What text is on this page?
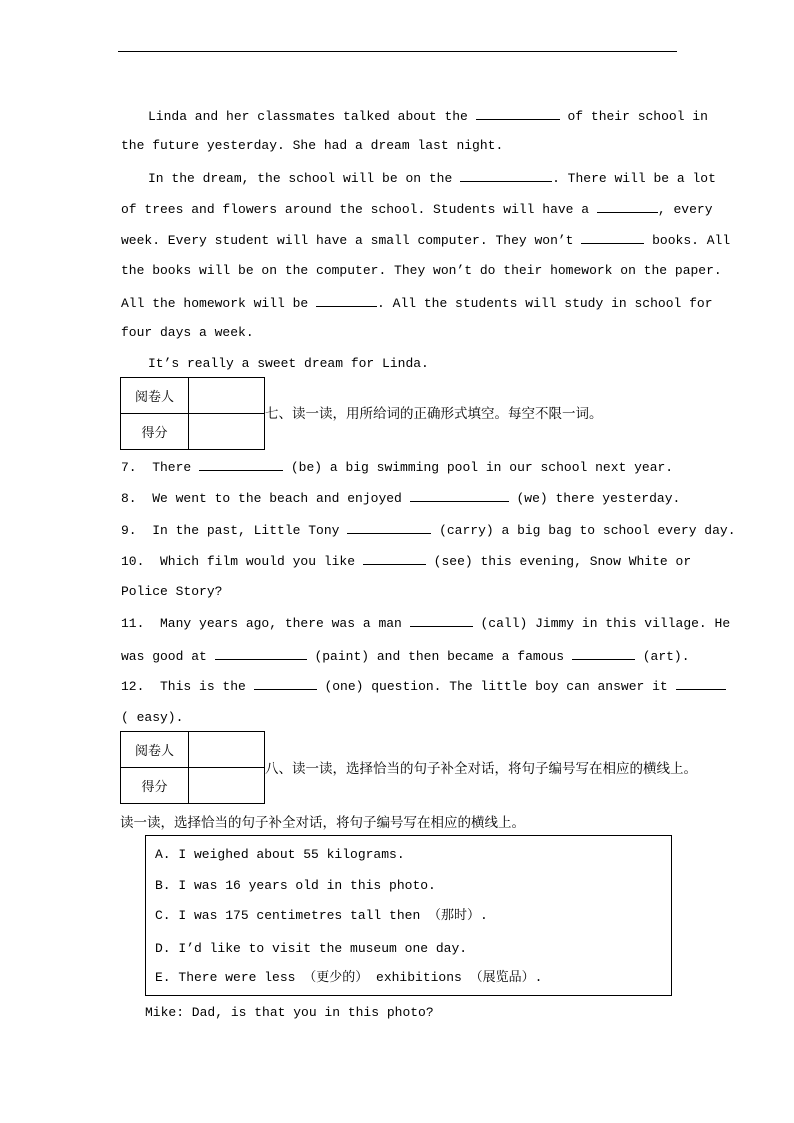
Linda and her classmates talked about the	of their school in
the future yesterday. She had a dream last night.
In the dream, the school will be on the	. There will be a lot
of trees and flowers around the school. Students will have a	, every
week. Every student will have a small computer. They won’t	books. All
the books will be on the computer. They won’t do their homework on the paper.
All the homework will be	. All the students will study in school for
four days a week.
It’s really a sweet dream for Linda.
阅卷人	
得分	
七、读一读，用所给词的正确形式填空。每空不限一词。
7.  There	(be) a big swimming pool in our school next year.
8.  We went to the beach and enjoyed	(we) there yesterday.
9.  In the past, Little Tony	(carry) a big bag to school every day.
10.  Which film would you like	(see) this evening, Snow White or
Police Story?
11.  Many years ago, there was a man	(call) Jimmy in this village. He
was good at	(paint) and then became a famous	(art).
12.  This is the	(one) question. The little boy can answer it
( easy).
阅卷人	
得分	
八、读一读，选择恰当的句子补全对话，将句子编号写在相应的横线上。
读一读，选择恰当的句子补全对话，将句子编号写在相应的横线上。
A. I weighed about 55 kilograms.
B. I was 16 years old in this photo.
C. I was 175 centimetres tall then （那时）.
D. I’d like to visit the museum one day.
E. There were less （更少的） exhibitions （展览品）.
Mike: Dad, is that you in this photo?
